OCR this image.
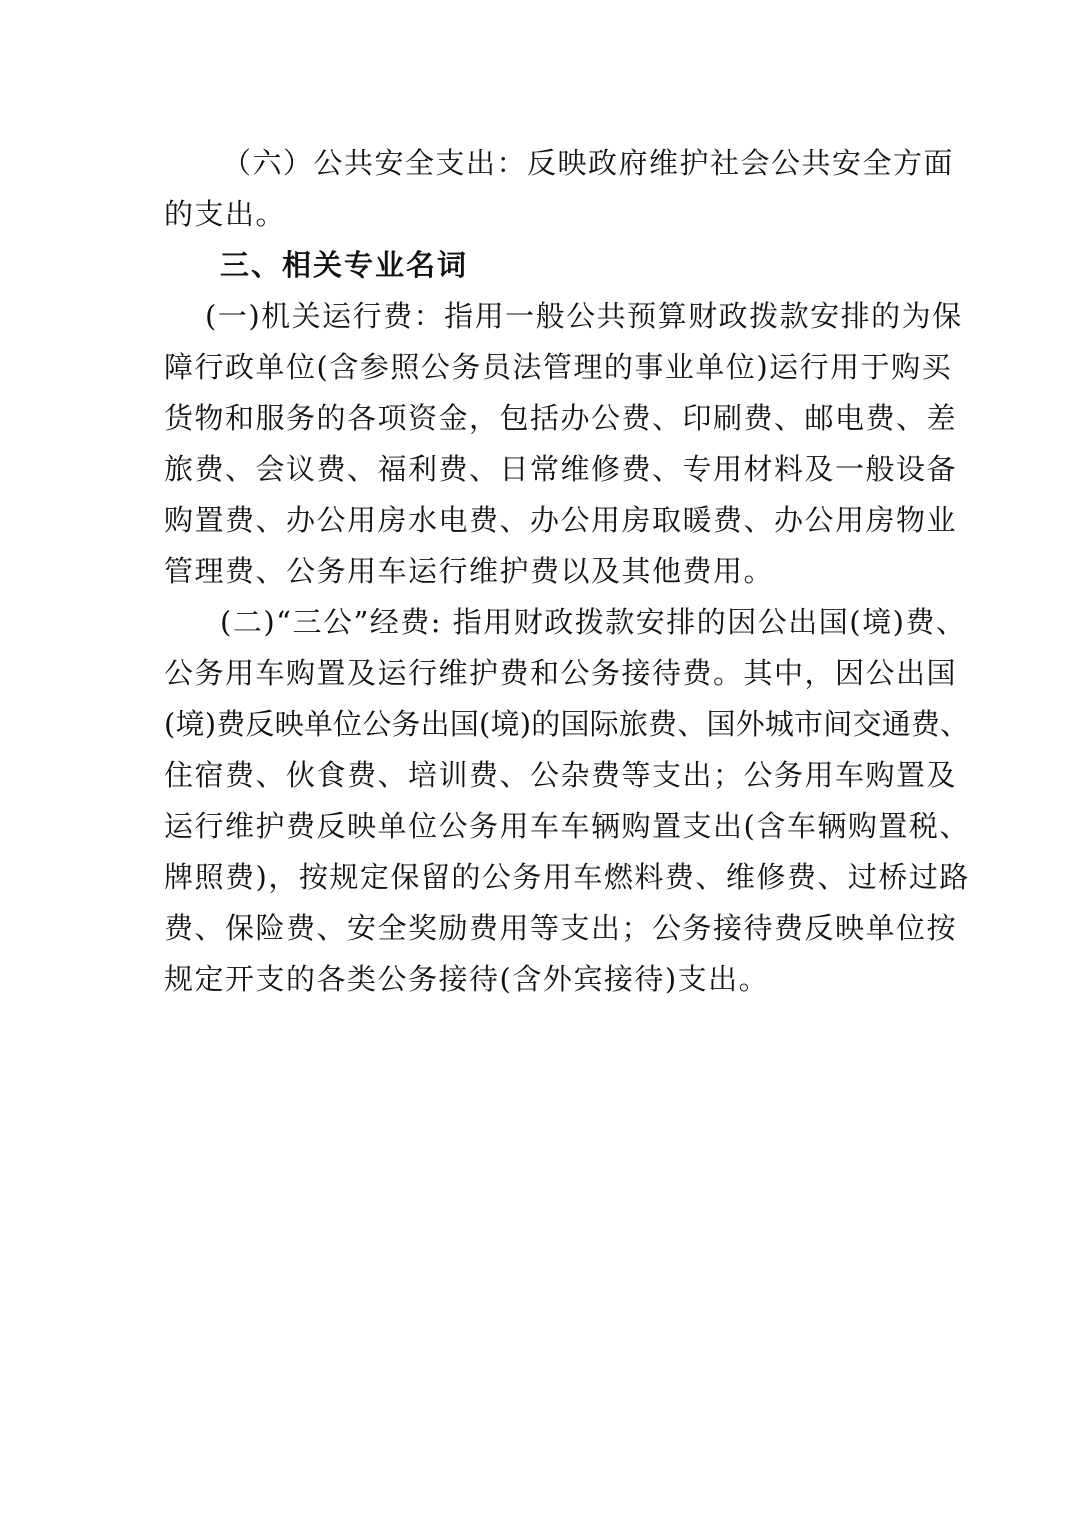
（六）公共安全支出：反映政府维护社会公共安全方面
的支出。
三、相关专业名词
(一)机关运行费：指用一般公共预算财政拨款安排的为保
障行政单位(含参照公务员法管理的事业单位)运行用于购买
货物和服务的各项资金，包括办公费、印刷费、邮电费、差
旅费、会议费、福利费、日常维修费、专用材料及一般设备
购置费、办公用房水电费、办公用房取暖费、办公用房物业
管理费、公务用车运行维护费以及其他费用。
(二)“三公”经费: 指用财政拨款安排的因公出国(境)费、
公务用车购置及运行维护费和公务接待费。其中，因公出国
(境)费反映单位公务出国(境)的国际旅费、国外城市间交通费、
住宿费、伙食费、培训费、公杂费等支出；公务用车购置及
运行维护费反映单位公务用车车辆购置支出(含车辆购置税、
牌照费)，按规定保留的公务用车燃料费、维修费、过桥过路
费、保险费、安全奖励费用等支出；公务接待费反映单位按
规定开支的各类公务接待(含外宾接待)支出。
